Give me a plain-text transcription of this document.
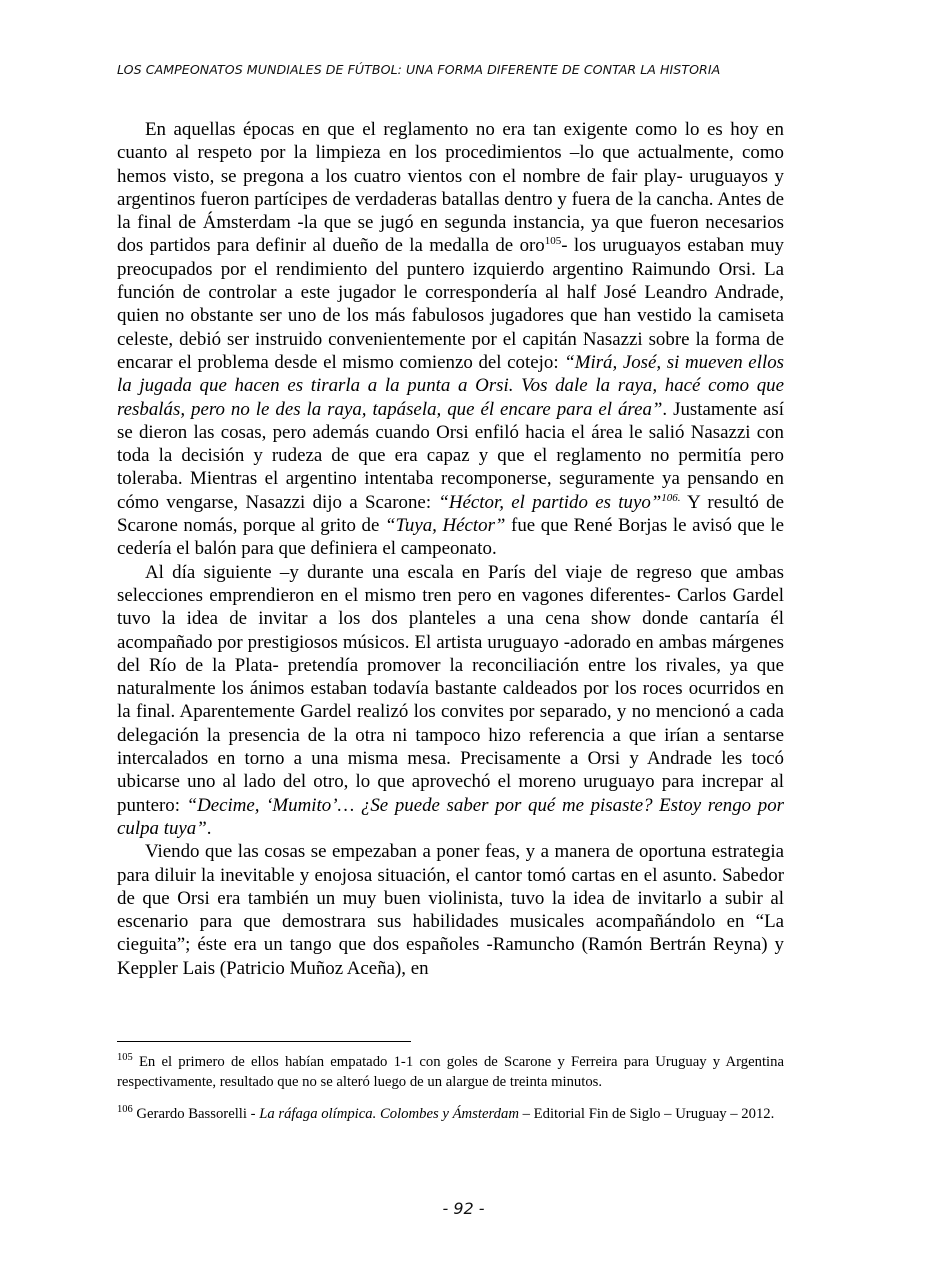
LOS CAMPEONATOS MUNDIALES DE FÚTBOL: UNA FORMA DIFERENTE DE CONTAR LA HISTORIA

En aquellas épocas en que el reglamento no era tan exigente como lo es hoy en cuanto al respeto por la limpieza en los procedimientos –lo que actualmente, como hemos visto, se pregona a los cuatro vientos con el nombre de fair play- uruguayos y argentinos fueron partícipes de verdaderas batallas dentro y fuera de la cancha. Antes de la final de Ámsterdam -la que se jugó en segunda instancia, ya que fueron necesarios dos partidos para definir al dueño de la medalla de oro$^{105}$- los uruguayos estaban muy preocupados por el rendimiento del puntero izquierdo argentino Raimundo Orsi. La función de controlar a este jugador le correspondería al half José Leandro Andrade, quien no obstante ser uno de los más fabulosos jugadores que han vestido la camiseta celeste, debió ser instruido convenientemente por el capitán Nasazzi sobre la forma de encarar el problema desde el mismo comienzo del cotejo: “Mirá, José, si mueven ellos la jugada que hacen es tirarla a la punta a Orsi. Vos dale la raya, hacé como que resbalás, pero no le des la raya, tapásela, que él encare para el área”. Justamente así se dieron las cosas, pero además cuando Orsi enfiló hacia el área le salió Nasazzi con toda la decisión y rudeza de que era capaz y que el reglamento no permitía pero toleraba. Mientras el argentino intentaba recomponerse, seguramente ya pensando en cómo vengarse, Nasazzi dijo a Scarone: “Héctor, el partido es tuyo”$^{106.}$ Y resultó de Scarone nomás, porque al grito de “Tuya, Héctor” fue que René Borjas le avisó que le cedería el balón para que definiera el campeonato.

Al día siguiente –y durante una escala en París del viaje de regreso que ambas selecciones emprendieron en el mismo tren pero en vagones diferentes- Carlos Gardel tuvo la idea de invitar a los dos planteles a una cena show donde cantaría él acompañado por prestigiosos músicos. El artista uruguayo -adorado en ambas márgenes del Río de la Plata- pretendía promover la reconciliación entre los rivales, ya que naturalmente los ánimos estaban todavía bastante caldeados por los roces ocurridos en la final. Aparentemente Gardel realizó los convites por separado, y no mencionó a cada delegación la presencia de la otra ni tampoco hizo referencia a que irían a sentarse intercalados en torno a una misma mesa. Precisamente a Orsi y Andrade les tocó ubicarse uno al lado del otro, lo que aprovechó el moreno uruguayo para increpar al puntero: “Decime, ‘Mumito’… ¿Se puede saber por qué me pisaste? Estoy rengo por culpa tuya”.

Viendo que las cosas se empezaban a poner feas, y a manera de oportuna estrategia para diluir la inevitable y enojosa situación, el cantor tomó cartas en el asunto. Sabedor de que Orsi era también un muy buen violinista, tuvo la idea de invitarlo a subir al escenario para que demostrara sus habilidades musicales acompañándolo en “La cieguita”; éste era un tango que dos españoles -Ramuncho (Ramón Bertrán Reyna) y Keppler Lais (Patricio Muñoz Aceña), en

$^{105}$ En el primero de ellos habían empatado 1-1 con goles de Scarone y Ferreira para Uruguay y Argentina respectivamente, resultado que no se alteró luego de un alargue de treinta minutos.

$^{106}$ Gerardo Bassorelli - La ráfaga olímpica. Colombes y Ámsterdam – Editorial Fin de Siglo – Uruguay – 2012.

- 92 -
